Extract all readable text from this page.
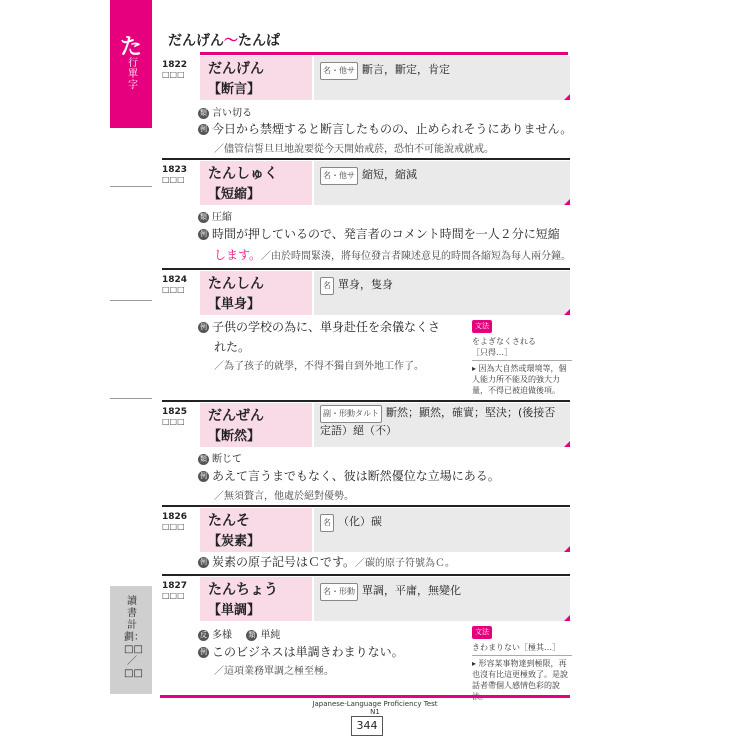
た
行單字
讀書計劃：□□／□□
だんげん～たんぱ
1822
□□□ だんげん
【断言】
名・他サ 斷言，斷定，肯定
類 言い切る
例 今日から禁煙すると断言したものの、止められそうにありません。
／儘管信誓旦旦地說要從今天開始戒菸，恐怕不可能說戒就戒。
1823
□□□ たんしゅく
【短縮】
名・他サ 縮短，縮減
類 圧縮
例 時間が押しているので、発言者のコメント時間を一人２分に短縮
します。／由於時間緊湊，將每位發言者陳述意見的時間各縮短為每人兩分鐘。
1824
□□□ たんしん
【単身】
名 單身，隻身
例 子供の学校の為に、単身赴任を余儀なくさ
れた。
／為了孩子的就學，不得不獨自到外地工作了。
文法
をよぎなくされる
［只得…］
▸ 因為大自然或環境等，個人能力所不能及的強大力量，不得已被迫做後項。
1825
□□□ だんぜん
【断然】
副・形動タルト 斷然；顯然，確實；堅決；(後接否定語）絕（不）
類 断じて
例 あえて言うまでもなく、彼は断然優位な立場にある。
／無須贅言，他處於絕對優勢。
1826
□□□ たんそ
【炭素】
名 （化）碳
例 炭素の原子記号はＣです。／碳的原子符號為Ｃ。
1827
□□□ たんちょう
【単調】
名・形動 單調，平庸，無變化
反 多様 類 単純
例 このビジネスは単調きわまりない。
／這項業務單調之極至極。
文法
きわまりない［極其…］
▸ 形容某事物達到極限，再也沒有比這更極致了。是說話者帶個人感情色彩的說
Japanese-Language Proficiency Test
N1
344
